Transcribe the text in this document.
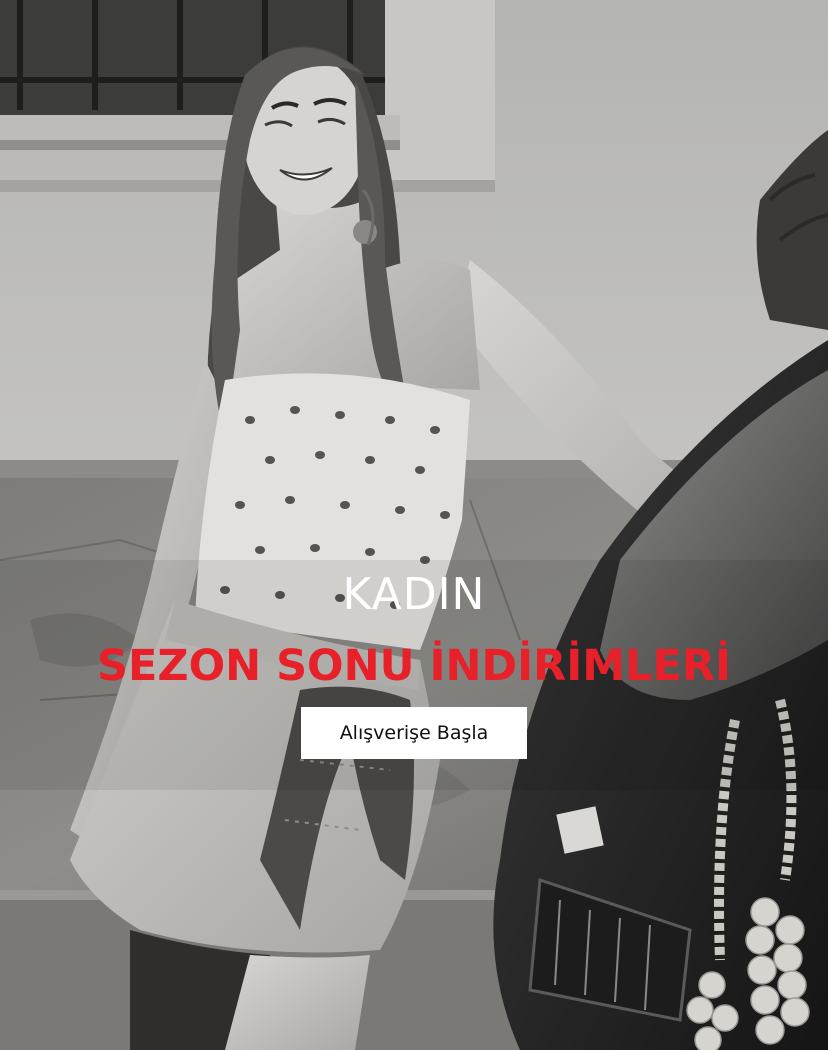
KADIN
SEZON SONU İNDİRİMLERİ
Alışverişe Başla
